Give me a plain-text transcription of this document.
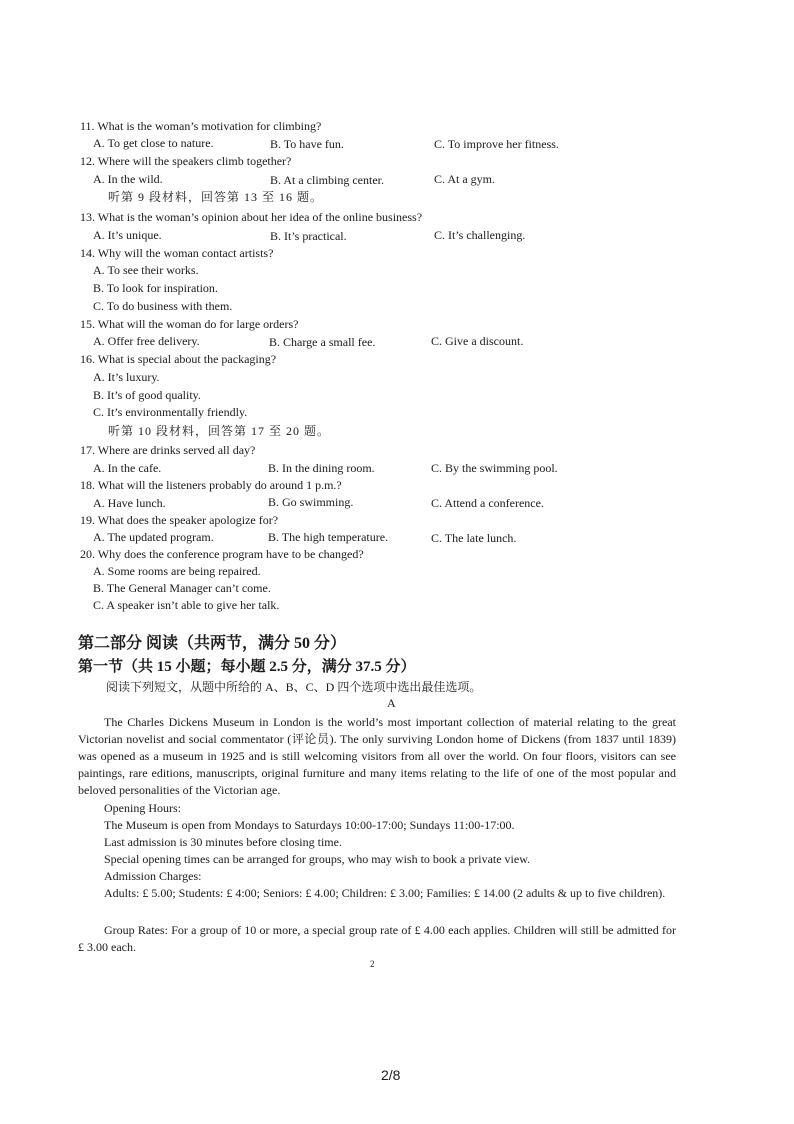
11. What is the woman’s motivation for climbing?
A. To get close to nature.	B. To have fun.	C. To improve her fitness.
12. Where will the speakers climb together?
A. In the wild.	B. At a climbing center.	C. At a gym.
听第 9 段材料，回答第 13 至 16 题。
13. What is the woman’s opinion about her idea of the online business?
A. It’s unique.	B. It’s practical.	C. It’s challenging.
14. Why will the woman contact artists?
A. To see their works.
B. To look for inspiration.
C. To do business with them.
15. What will the woman do for large orders?
A. Offer free delivery.	B. Charge a small fee.	C. Give a discount.
16. What is special about the packaging?
A. It’s luxury.
B. It’s of good quality.
C. It’s environmentally friendly.
听第 10 段材料，回答第 17 至 20 题。
17. Where are drinks served all day?
A. In the cafe.	B. In the dining room.	C. By the swimming pool.
18. What will the listeners probably do around 1 p.m.?
A. Have lunch.	B. Go swimming.	C. Attend a conference.
19. What does the speaker apologize for?
A. The updated program.	B. The high temperature.	C. The late lunch.
20. Why does the conference program have to be changed?
A. Some rooms are being repaired.
B. The General Manager can’t come.
C. A speaker isn’t able to give her talk.
第二部分 阅读（共两节，满分 50 分）
第一节（共 15 小题；每小题 2.5 分，满分 37.5 分）
阅读下列短文，从题中所给的 A、B、C、D 四个选项中选出最佳选项。
A

The Charles Dickens Museum in London is the world’s most important collection of material relating to the great Victorian novelist and social commentator (评论员). The only surviving London home of Dickens (from 1837 until 1839) was opened as a museum in 1925 and is still welcoming visitors from all over the world. On four floors, visitors can see paintings, rare editions, manuscripts, original furniture and many items relating to the life of one of the most popular and beloved personalities of the Victorian age.

Opening Hours:
The Museum is open from Mondays to Saturdays 10:00-17:00; Sundays 11:00-17:00.
Last admission is 30 minutes before closing time.
Special opening times can be arranged for groups, who may wish to book a private view.
Admission Charges:

Adults: £ 5.00; Students: £ 4:00; Seniors: £ 4.00; Children: £ 3.00; Families: £ 14.00 (2 adults & up to five children).

Group Rates: For a group of 10 or more, a special group rate of £ 4.00 each applies. Children will still be admitted for £ 3.00 each.

2
2/8
